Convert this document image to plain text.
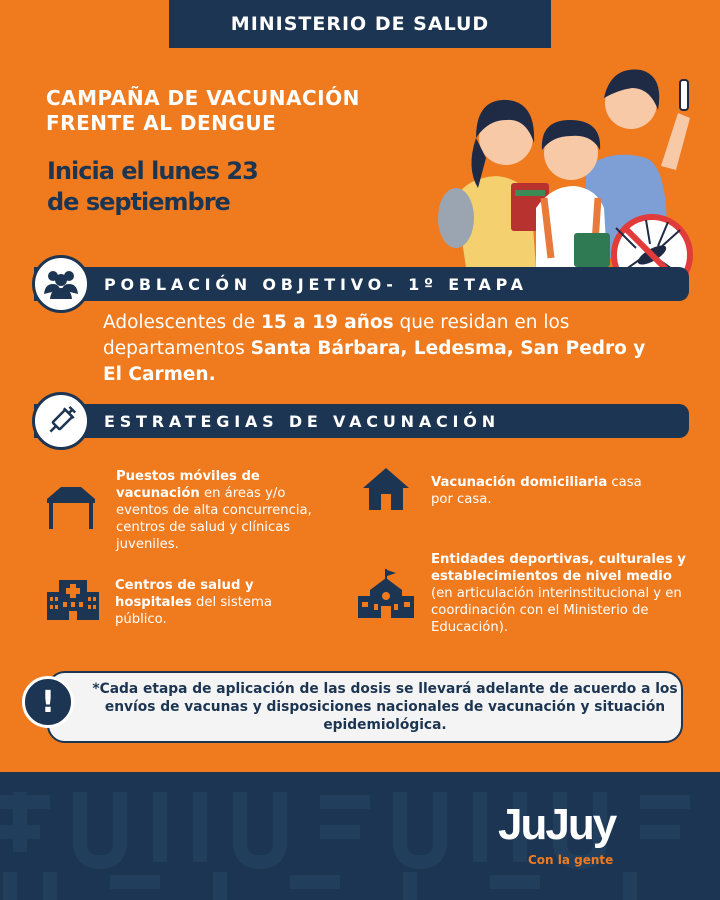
MINISTERIO DE SALUD
CAMPAÑA DE VACUNACIÓN
FRENTE AL DENGUE
Inicia el lunes 23
de septiembre
POBLACIÓN OBJETIVO- 1º ETAPA
Adolescentes de 15 a 19 años que residan en los departamentos Santa Bárbara, Ledesma, San Pedro y El Carmen.
ESTRATEGIAS DE VACUNACIÓN
Puestos móviles de vacunación en áreas y/o eventos de alta concurrencia, centros de salud y clínicas juveniles.
Centros de salud y hospitales del sistema público.
Vacunación domiciliaria casa por casa.
Entidades deportivas, culturales y establecimientos de nivel medio (en articulación interinstitucional y en coordinación con el Ministerio de Educación).
*Cada etapa de aplicación de las dosis se llevará adelante de acuerdo a los envíos de vacunas y disposiciones nacionales de vacunación y situación epidemiológica.
!
JuJuy
Con la gente
